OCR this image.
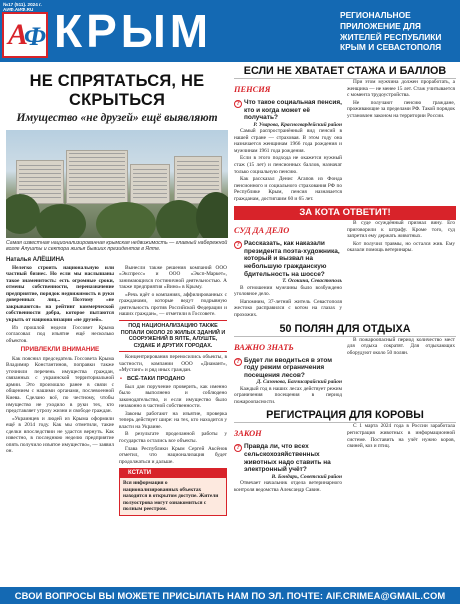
№17 (511). 2024 г.
АИФ.АИФ.RU
А
Ф КРЫМ	РЕГИОНАЛЬНОЕ ПРИЛОЖЕНИЕ ДЛЯ ЖИТЕЛЕЙ РЕСПУБЛИКИ КРЫМ И СЕВАСТОПОЛЯ
НЕ СПРЯТАТЬСЯ, НЕ СКРЫТЬСЯ
Имущество «не друзей» ещё выявляют
Самая известная национализированная крымская недвижимость — главный набережной возле Алушты и сектора жилья бывших президентов в Ялте.
Наталья АЛЁШИНА

Нелегко строить национальную или частный бизнес. Но если мы наслышаны такое знаменитость: есть огромные сроки, отмены собственности, переназначение предприятие, порядок недвижимость в руки доверенных лиц... Поэтому «не закрываются» на рейтинг коммерческой собственности добра, которое пытаются укрыть от национализации «не друзей».

Из прошлой недели Госсовет Крыма согласовал под изъятие ещё несколько объектов.

ПРИВЛЕКЛИ ВНИМАНИЕ

Как пояснил председатель Госсовета Крыма Владимир Константинов, поправки также уточнили перечень имущества граждан, связанных с украинской территориальной армии. Это произошло ранее в связи с общением с нашими органами, послевоенной Киева. Сделано всё, по честному, чтобы имущество не уходило в руки тех, кто представляет угрозу жизни и свободе граждан.

«Украинцев и людей из Крыма оформили ещё в 2014 году. Как мы отметили, такие сделки впоследствии не удастся вернуть. Как известно, в последнюю неделю предприятие опять получило изъятое имущество», — заявил он.

Вынесли также решения компаний ООО «Экспресс» и ООО «Эксп-Маркет», занимающихся гостиничной деятельностью. А также предприятия «Вино» в Крыму.

«Речь идёт о компаниях, аффилированных с гражданами, которые ведут подрывную деятельность против Российской Федерации и наших граждан», — отметили в Госсовете.

ПОД НАЦИОНАЛИЗАЦИЮ ТАКЖЕ ПОПАЛИ ОКОЛО 20 ЖИЛЫХ ЗДАНИЙ И СООРУЖЕНИЙ В ЯЛТЕ, АЛУШТЕ, СУДАКЕ И ДРУГИХ ГОРОДАХ.

Концентрирования переносились объекты, в частности, компании ООО «Диамант», «Мустанг» и ряд иных граждан.

• ВСЁ-ТАКИ ПРОДАНО

Был дан поручение проверить, как именно было выполнено и соблюдено законодательство, и если имущество было незаконно в частной собственности.

Законы работают на изъятие, проверка теперь действует шире: на тех, кто находится у власти на Украине.

В результате проделанной работы у государства остались все объекты.

Глава Республики Крым Сергей Аксёнов отметил, что национализация будет продолжаться и дальше.

КСТАТИ
Вся информация о национализированных объектах находится в открытом доступе. Жители полуострова могут ознакомиться с полным реестром.
ЕСЛИ НЕ ХВАТАЕТ СТАЖА И БАЛЛОВ
ПЕНСИЯ
? Что такое социальная пенсия, кто и когда может её получать?
Р. Уварова, Красногвардейский район

Самый распространённый вид пенсий в нашей стране — страховая. В этом году она назначается женщинам 1966 года рождения и мужчинам 1961 года рождения.

Если в этого подхода не окажется нужный стаж (15 лет) и пенсионных баллов, назначат только социальную пенсию.

Как рассказал Денис Агапов из Фонда пенсионного и социального страхования РФ по Республике Крым, пенсия назначается гражданам, достигшим 60 и 65 лет.

При этом мужчина должен проработать, а женщина — не менее 15 лет. Стаж учитывается с момента трудоустройства.

Не получают пенсию граждане, проживающие за пределами РФ. Такой порядок установлен законом на территории России.

ЗА КОТА ОТВЕТИТ!
СУД ДА ДЕЛО
? Рассказать, как наказали президента поэта-художника, который и вызвал на небольшую гражданскую бдительность на шоссе?
Т. Осокина, Севастополь

В отношении мужчины было возбуждено уголовное дело.

Напомним, 37-летний житель Севастополя жестоко расправился с котом на глазах у прохожих.

В суде осуждённый признал вину. Его приговорили к штрафу. Кроме того, суд запретил ему держать животных.

Кот получил травмы, но остался жив. Ему оказали помощь ветеринары.

50 ПОЛЯН ДЛЯ ОТДЫХА
ВАЖНО ЗНАТЬ
? Будет ли вводиться в этом году режим ограничения посещения лесов?
Д. Сазонова, Бахчисарайский район

Каждый год в наших лесах действует режим ограничения посещения в период пожароопасности.

В пожароопасный период количество мест для отдыха сократят. Для отдыхающих оборудуют около 50 полян.

РЕГИСТРАЦИЯ ДЛЯ КОРОВЫ
ЗАКОН
? Правда ли, что всех сельскохозяйственных животных надо ставить на электронный учёт?
В. Бондарь, Советский район

Отвечает начальник отдела ветеринарного контроля ведомства Александр Савин.

С 1 марта 2024 года в России заработала регистрация животных в информационной системе. Поставить на учёт нужно коров, свиней, коз и птиц.

СВОИ ВОПРОСЫ ВЫ МОЖЕТЕ ПРИСЫЛАТЬ НАМ ПО ЭЛ. ПОЧТЕ: AIF.CRIMEA@GMAIL.COM
